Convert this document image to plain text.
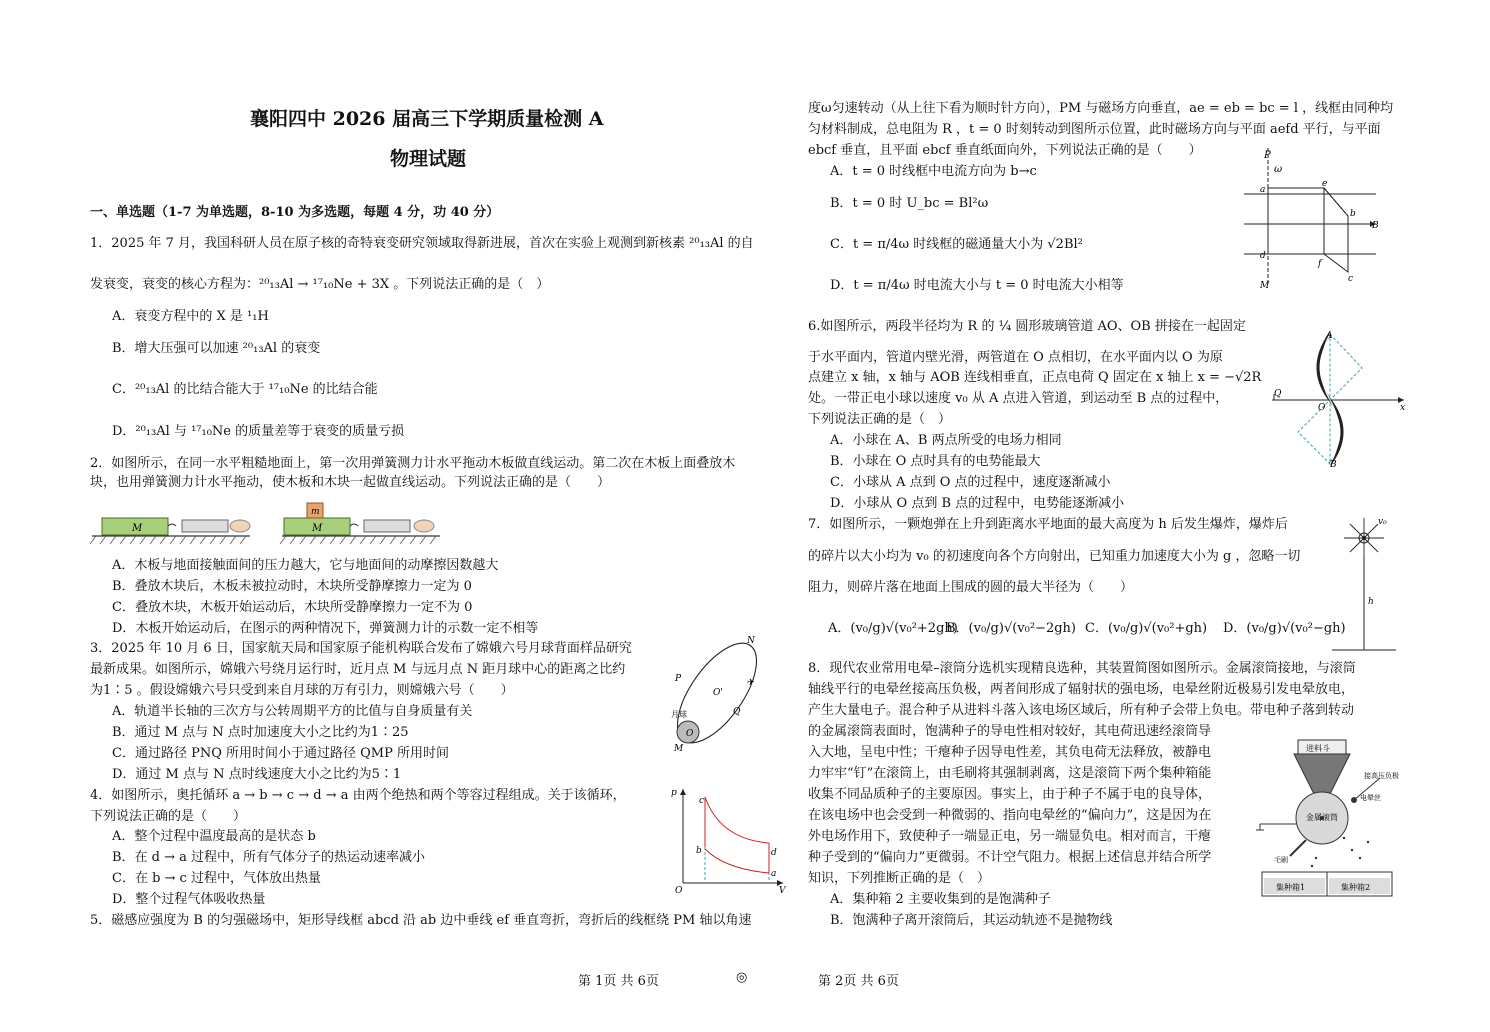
襄阳四中 2026 届高三下学期质量检测 A
物理试题
一、单选题（1-7 为单选题，8-10 为多选题，每题 4 分，功 40 分）
1．2025 年 7 月，我国科研人员在原子核的奇特衰变研究领域取得新进展，首次在实验上观测到新核素 ²⁰₁₃Al 的自
发衰变，衰变的核心方程为：²⁰₁₃Al → ¹⁷₁₀Ne + 3X 。下列说法正确的是（　）
A．衰变方程中的 X 是 ¹₁H
B．增大压强可以加速 ²⁰₁₃Al 的衰变
C．²⁰₁₃Al 的比结合能大于 ¹⁷₁₀Ne 的比结合能
D．²⁰₁₃Al 与 ¹⁷₁₀Ne 的质量差等于衰变的质量亏损
2．如图所示，在同一水平粗糙地面上，第一次用弹簧测力计水平拖动木板做直线运动。第二次在木板上面叠放木
块，也用弹簧测力计水平拖动，使木板和木块一起做直线运动。下列说法正确的是（　　）
M	M
m
A．木板与地面接触面间的压力越大，它与地面间的动摩擦因数越大
B．叠放木块后，木板未被拉动时，木块所受静摩擦力一定为 0
C．叠放木块，木板开始运动后，木块所受静摩擦力一定不为 0
D．木板开始运动后，在图示的两种情况下，弹簧测力计的示数一定不相等
3．2025 年 10 月 6 日，国家航天局和国家原子能机构联合发布了嫦娥六号月球背面样品研究
最新成果。如图所示，嫦娥六号绕月运行时，近月点 M 与远月点 N 距月球中心的距离之比约
为1∶5 。假设嫦娥六号只受到来自月球的万有引力，则嫦娥六号（　　）
A．轨道半长轴的三次方与公转周期平方的比值与自身质量有关
B．通过 M 点与 N 点时加速度大小之比约为1∶25
C．通过路径 PNQ 所用时间小于通过路径 QMP 所用时间
D．通过 M 点与 N 点时线速度大小之比约为5∶1
N
P
Q
O'
月球
O
M
✈
4．如图所示，奥托循环 a → b → c → d → a 由两个绝热和两个等容过程组成。关于该循环，
下列说法正确的是（　　）
A．整个过程中温度最高的是状态 b
B．在 d → a 过程中，所有气体分子的热运动速率减小
C．在 b → c 过程中，气体放出热量
D．整个过程气体吸收热量
p
V
O
a
b
c
d
5．磁感应强度为 B 的匀强磁场中，矩形导线框 abcd 沿 ab 边中垂线 ef 垂直弯折，弯折后的线框绕 PM 轴以角速
度ω匀速转动（从上往下看为顺时针方向），PM 与磁场方向垂直，ae = eb = bc = l ，线框由同种均
匀材料制成，总电阻为 R ，t = 0 时刻转动到图所示位置，此时磁场方向与平面 aefd 平行，与平面
ebcf 垂直，且平面 ebcf 垂直纸面向外，下列说法正确的是（　　）
A．t = 0 时线框中电流方向为 b→c
B．t = 0 时 U_bc = Bl²ω
C．t = π/4ω 时线框的磁通量大小为 √2Bl²
D．t = π/4ω 时电流大小与 t = 0 时电流大小相等
P
ω
a
e
b
B
d
f
c
M
6.如图所示，两段半径均为 R 的 ¼ 圆形玻璃管道 AO、OB 拼接在一起固定
于水平面内，管道内壁光滑，两管道在 O 点相切，在水平面内以 O 为原
点建立 x 轴，x 轴与 AOB 连线相垂直，正点电荷 Q 固定在 x 轴上 x = −√2R
处。一带正电小球以速度 v₀ 从 A 点进入管道，到运动至 B 点的过程中，
下列说法正确的是（　）
A．小球在 A、B 两点所受的电场力相同
B．小球在 O 点时具有的电势能最大
C．小球从 A 点到 O 点的过程中，速度逐渐减小
D．小球从 O 点到 B 点的过程中，电势能逐渐减小
A
Q
O	x
B
7．如图所示，一颗炮弹在上升到距离水平地面的最大高度为 h 后发生爆炸，爆炸后
的碎片以大小均为 v₀ 的初速度向各个方向射出，已知重力加速度大小为 g ，忽略一切
阻力，则碎片落在地面上围成的圆的最大半径为（　　）
A．(v₀/g)√(v₀²+2gh)
B．(v₀/g)√(v₀²−2gh) C．(v₀/g)√(v₀²+gh) D．(v₀/g)√(v₀²−gh)
v₀
h
8．现代农业常用电晕–滚筒分选机实现精良选种，其装置简图如图所示。金属滚筒接地，与滚筒
轴线平行的电晕丝接高压负极，两者间形成了辐射状的强电场，电晕丝附近极易引发电晕放电，
产生大量电子。混合种子从进料斗落入该电场区域后，所有种子会带上负电。带电种子落到转动
的金属滚筒表面时，饱满种子的导电性相对较好，其电荷迅速经滚筒导
入大地，呈电中性；干瘪种子因导电性差，其负电荷无法释放，被静电
力牢牢“钉”在滚筒上，由毛刷将其强制剥离，这是滚筒下两个集种箱能
收集不同品质种子的主要原因。事实上，由于种子不属于电的良导体，
在该电场中也会受到一种微弱的、指向电晕丝的“偏向力”，这是因为在
外电场作用下，致使种子一端显正电，另一端显负电。相对而言，干瘪
种子受到的“偏向力”更微弱。不计空气阻力。根据上述信息并结合所学
知识，下列推断正确的是（　）
A．集种箱 2 主要收集到的是饱满种子
B．饱满种子离开滚筒后，其运动轨迹不是抛物线
进料斗
金属滚筒
接高压负极
电晕丝
毛刷
集种箱1	集种箱2
第 1页 共 6页	◎	第 2页 共 6页
